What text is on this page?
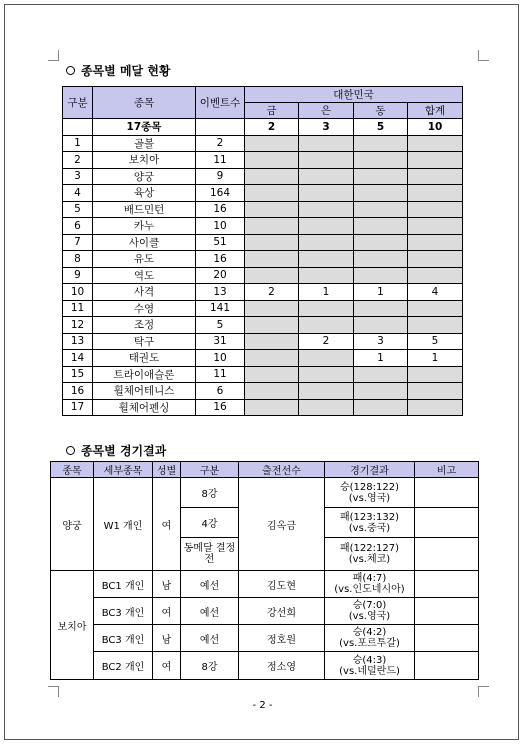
종목별 메달 현황
구분	종목	이벤트수	대한민국			
			금	은	동	합계
	17종목		2	3	5	10
1	골볼	2				
2	보치아	11				
3	양궁	9				
4	육상	164				
5	배드민턴	16				
6	카누	10				
7	사이클	51				
8	유도	16				
9	역도	20				
10	사격	13	2	1	1	4
11	수영	141				
12	조정	5				
13	탁구	31		2	3	5
14	태권도	10			1	1
15	트라이애슬론	11				
16	휠체어테니스	6				
17	휠체어펜싱	16				
종목별 경기결과
종목	세부종목	성별	구분	출전선수	경기결과	비고
양궁	W1 개인	여	8강	김옥금	승(128:122)
(vs.영국)	

			4강		패(123:132)
(vs.중국)	

			동메달 결정전		패(122:127)
(vs.체코)	

보치아	BC1 개인	남	예선	김도현	패(4:7)
(vs.인도네시아)	

	BC3 개인	여	예선	강선희	승(7:0)
(vs.영국)	

	BC3 개인	남	예선	정호원	승(4:2)
(vs.포르투갈)	

	BC2 개인	여	8강	정소영	승(4:3)
(vs.네덜란드)	

- 2 -
